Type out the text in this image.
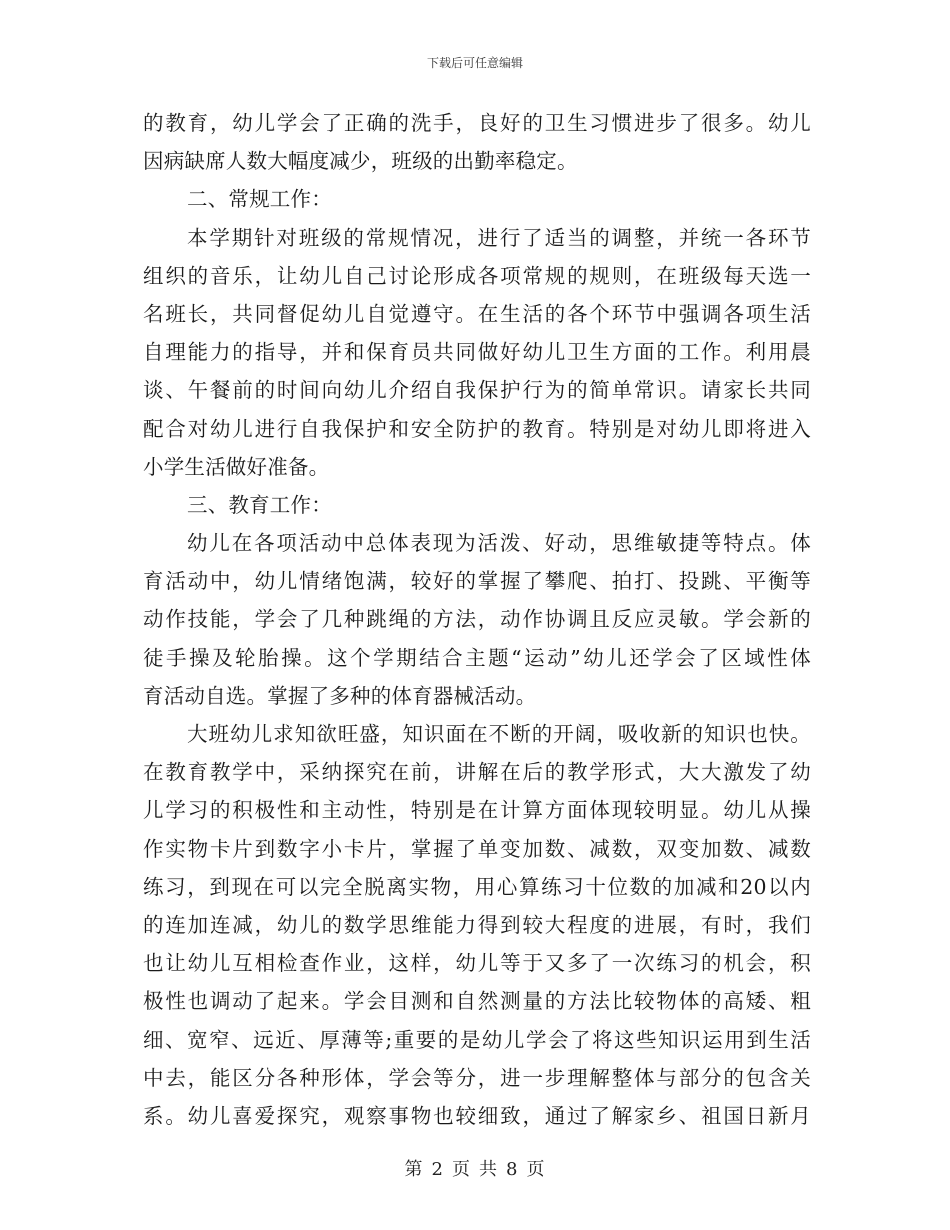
下载后可任意编辑
的教育，幼儿学会了正确的洗手，良好的卫生习惯进步了很多。幼儿
因病缺席人数大幅度减少，班级的出勤率稳定。
二、常规工作：
本学期针对班级的常规情况，进行了适当的调整，并统一各环节
组织的音乐，让幼儿自己讨论形成各项常规的规则，在班级每天选一
名班长，共同督促幼儿自觉遵守。在生活的各个环节中强调各项生活
自理能力的指导，并和保育员共同做好幼儿卫生方面的工作。利用晨
谈、午餐前的时间向幼儿介绍自我保护行为的简单常识。请家长共同
配合对幼儿进行自我保护和安全防护的教育。特别是对幼儿即将进入
小学生活做好准备。
三、教育工作：
幼儿在各项活动中总体表现为活泼、好动，思维敏捷等特点。体
育活动中，幼儿情绪饱满，较好的掌握了攀爬、拍打、投跳、平衡等
动作技能，学会了几种跳绳的方法，动作协调且反应灵敏。学会新的
徒手操及轮胎操。这个学期结合主题“运动”幼儿还学会了区域性体
育活动自选。掌握了多种的体育器械活动。
大班幼儿求知欲旺盛，知识面在不断的开阔，吸收新的知识也快。
在教育教学中，采纳探究在前，讲解在后的教学形式，大大激发了幼
儿学习的积极性和主动性，特别是在计算方面体现较明显。幼儿从操
作实物卡片到数字小卡片，掌握了单变加数、减数，双变加数、减数
练习，到现在可以完全脱离实物，用心算练习十位数的加减和20以内
的连加连减，幼儿的数学思维能力得到较大程度的进展，有时，我们
也让幼儿互相检查作业，这样，幼儿等于又多了一次练习的机会，积
极性也调动了起来。学会目测和自然测量的方法比较物体的高矮、粗
细、宽窄、远近、厚薄等;重要的是幼儿学会了将这些知识运用到生活
中去，能区分各种形体，学会等分，进一步理解整体与部分的包含关
系。幼儿喜爱探究，观察事物也较细致，通过了解家乡、祖国日新月
第 2 页 共 8 页
